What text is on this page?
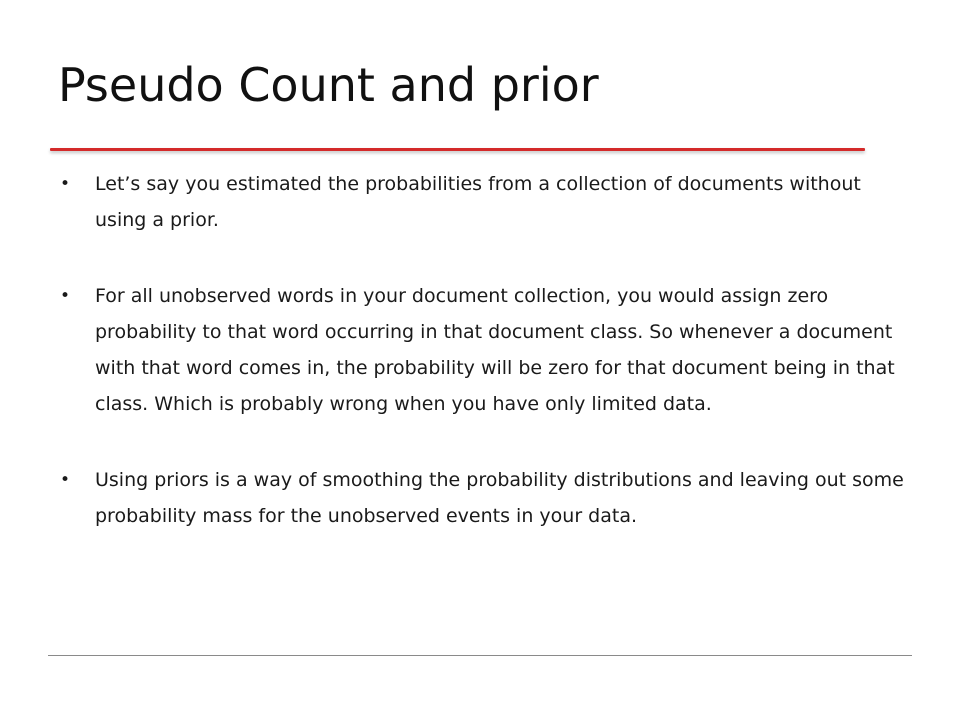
Pseudo Count and prior
• Let’s say you estimated the probabilities from a collection of documents without using a prior.
• For all unobserved words in your document collection, you would assign zero probability to that word occurring in that document class. So whenever a document with that word comes in, the probability will be zero for that document being in that class. Which is probably wrong when you have only limited data.
• Using priors is a way of smoothing the probability distributions and leaving out some probability mass for the unobserved events in your data.
